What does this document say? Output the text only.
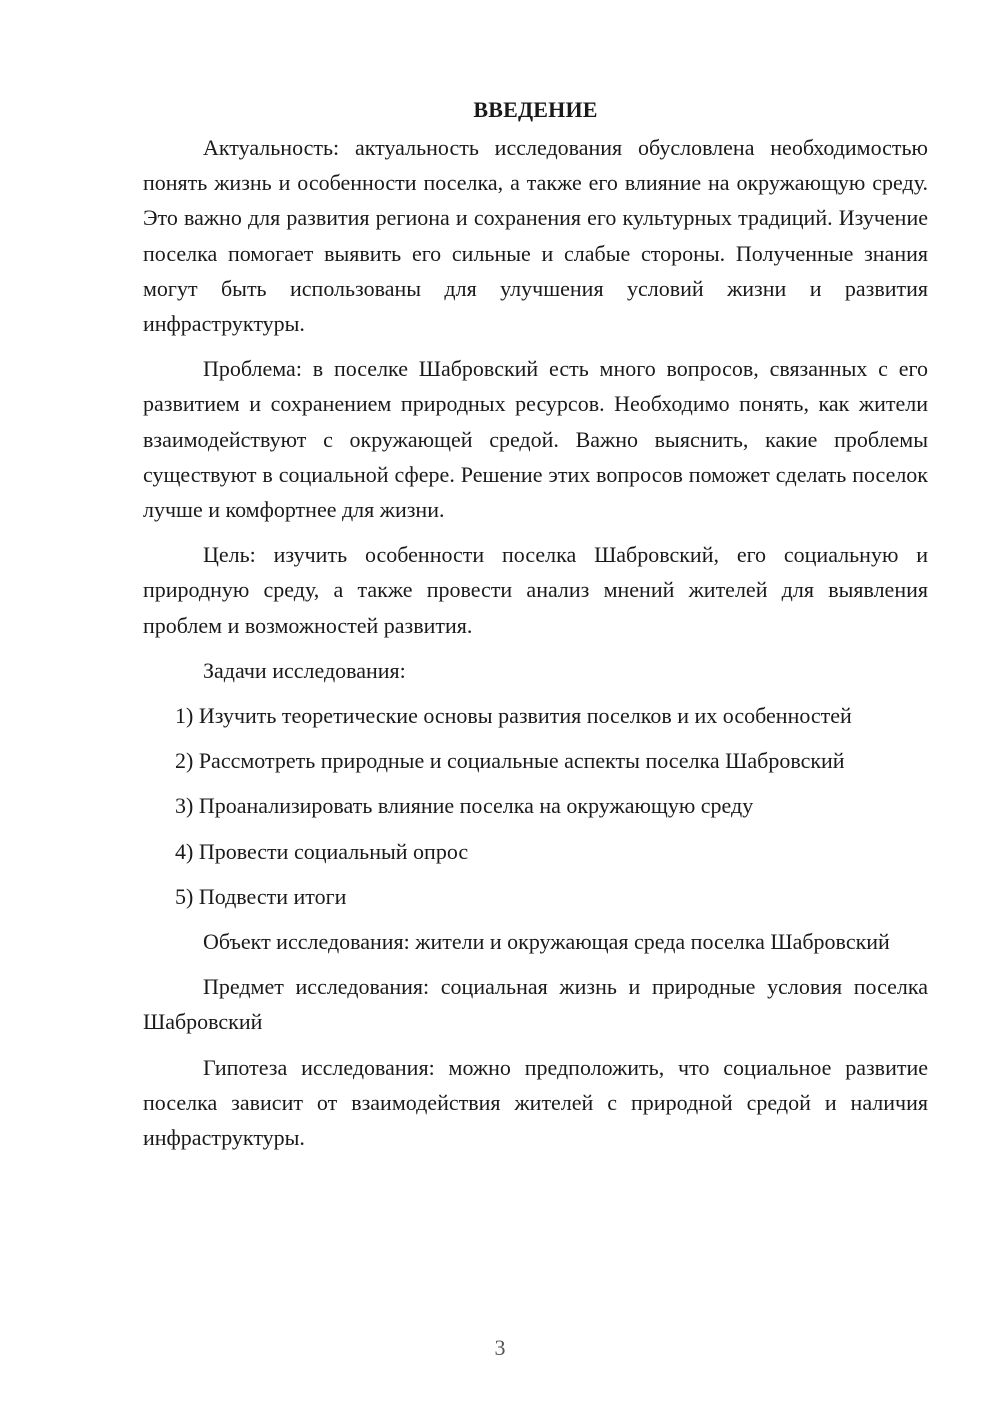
ВВЕДЕНИЕ

Актуальность: актуальность исследования обусловлена необходимостью понять жизнь и особенности поселка, а также его влияние на окружающую среду. Это важно для развития региона и сохранения его культурных традиций. Изучение поселка помогает выявить его сильные и слабые стороны. Полученные знания могут быть использованы для улучшения условий жизни и развития инфраструктуры.

Проблема: в поселке Шабровский есть много вопросов, связанных с его развитием и сохранением природных ресурсов. Необходимо понять, как жители взаимодействуют с окружающей средой. Важно выяснить, какие проблемы существуют в социальной сфере. Решение этих вопросов поможет сделать поселок лучше и комфортнее для жизни.

Цель: изучить особенности поселка Шабровский, его социальную и природную среду, а также провести анализ мнений жителей для выявления проблем и возможностей развития.

Задачи исследования:

1) Изучить теоретические основы развития поселков и их особенностей

2) Рассмотреть природные и социальные аспекты поселка Шабровский

3) Проанализировать влияние поселка на окружающую среду

4) Провести социальный опрос

5) Подвести итоги

Объект исследования: жители и окружающая среда поселка Шабровский

Предмет исследования: социальная жизнь и природные условия поселка Шабровский

Гипотеза исследования: можно предположить, что социальное развитие поселка зависит от взаимодействия жителей с природной средой и наличия инфраструктуры.

3
